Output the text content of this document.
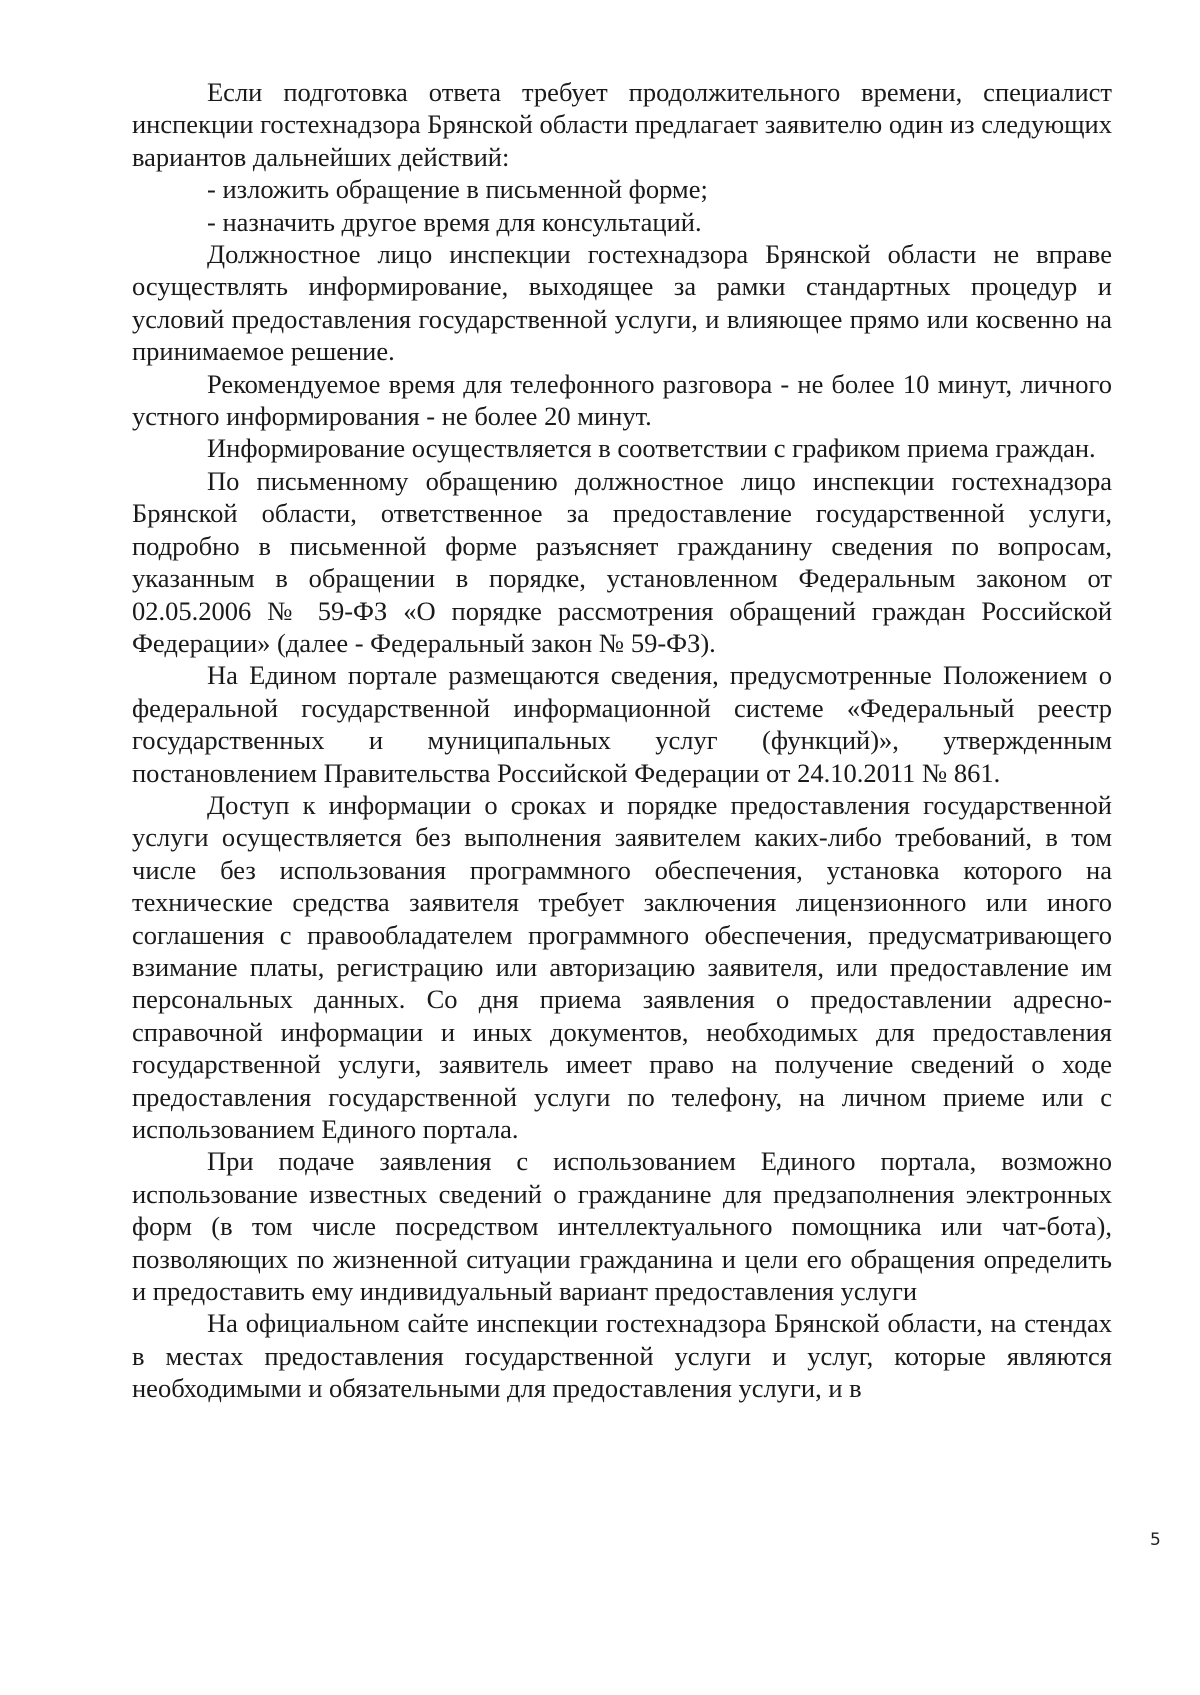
Если подготовка ответа требует продолжительного времени, специалист инспекции гостехнадзора Брянской области предлагает заявителю один из следующих вариантов дальнейших действий:

- изложить обращение в письменной форме;

- назначить другое время для консультаций.

Должностное лицо инспекции гостехнадзора Брянской области не вправе осуществлять информирование, выходящее за рамки стандартных процедур и условий предоставления государственной услуги, и влияющее прямо или косвенно на принимаемое решение.

Рекомендуемое время для телефонного разговора - не более 10 минут, личного устного информирования - не более 20 минут.

Информирование осуществляется в соответствии с графиком приема граждан.

По письменному обращению должностное лицо инспекции гостехнадзора Брянской области, ответственное за предоставление государственной услуги, подробно в письменной форме разъясняет гражданину сведения по вопросам, указанным в обращении в порядке, установленном Федеральным законом от 02.05.2006 № 59-ФЗ «О порядке рассмотрения обращений граждан Российской Федерации» (далее - Федеральный закон № 59-ФЗ).

На Едином портале размещаются сведения, предусмотренные Положением о федеральной государственной информационной системе «Федеральный реестр государственных и муниципальных услуг (функций)», утвержденным постановлением Правительства Российской Федерации от 24.10.2011 № 861.

Доступ к информации о сроках и порядке предоставления государственной услуги осуществляется без выполнения заявителем каких-либо требований, в том числе без использования программного обеспечения, установка которого на технические средства заявителя требует заключения лицензионного или иного соглашения с правообладателем программного обеспечения, предусматривающего взимание платы, регистрацию или авторизацию заявителя, или предоставление им персональных данных. Со дня приема заявления о предоставлении адресно-справочной информации и иных документов, необходимых для предоставления государственной услуги, заявитель имеет право на получение сведений о ходе предоставления государственной услуги по телефону, на личном приеме или с использованием Единого портала.

При подаче заявления с использованием Единого портала, возможно использование известных сведений о гражданине для предзаполнения электронных форм (в том числе посредством интеллектуального помощника или чат-бота), позволяющих по жизненной ситуации гражданина и цели его обращения определить и предоставить ему индивидуальный вариант предоставления услуги

На официальном сайте инспекции гостехнадзора Брянской области, на стендах в местах предоставления государственной услуги и услуг, которые являются необходимыми и обязательными для предоставления услуги, и в

5
